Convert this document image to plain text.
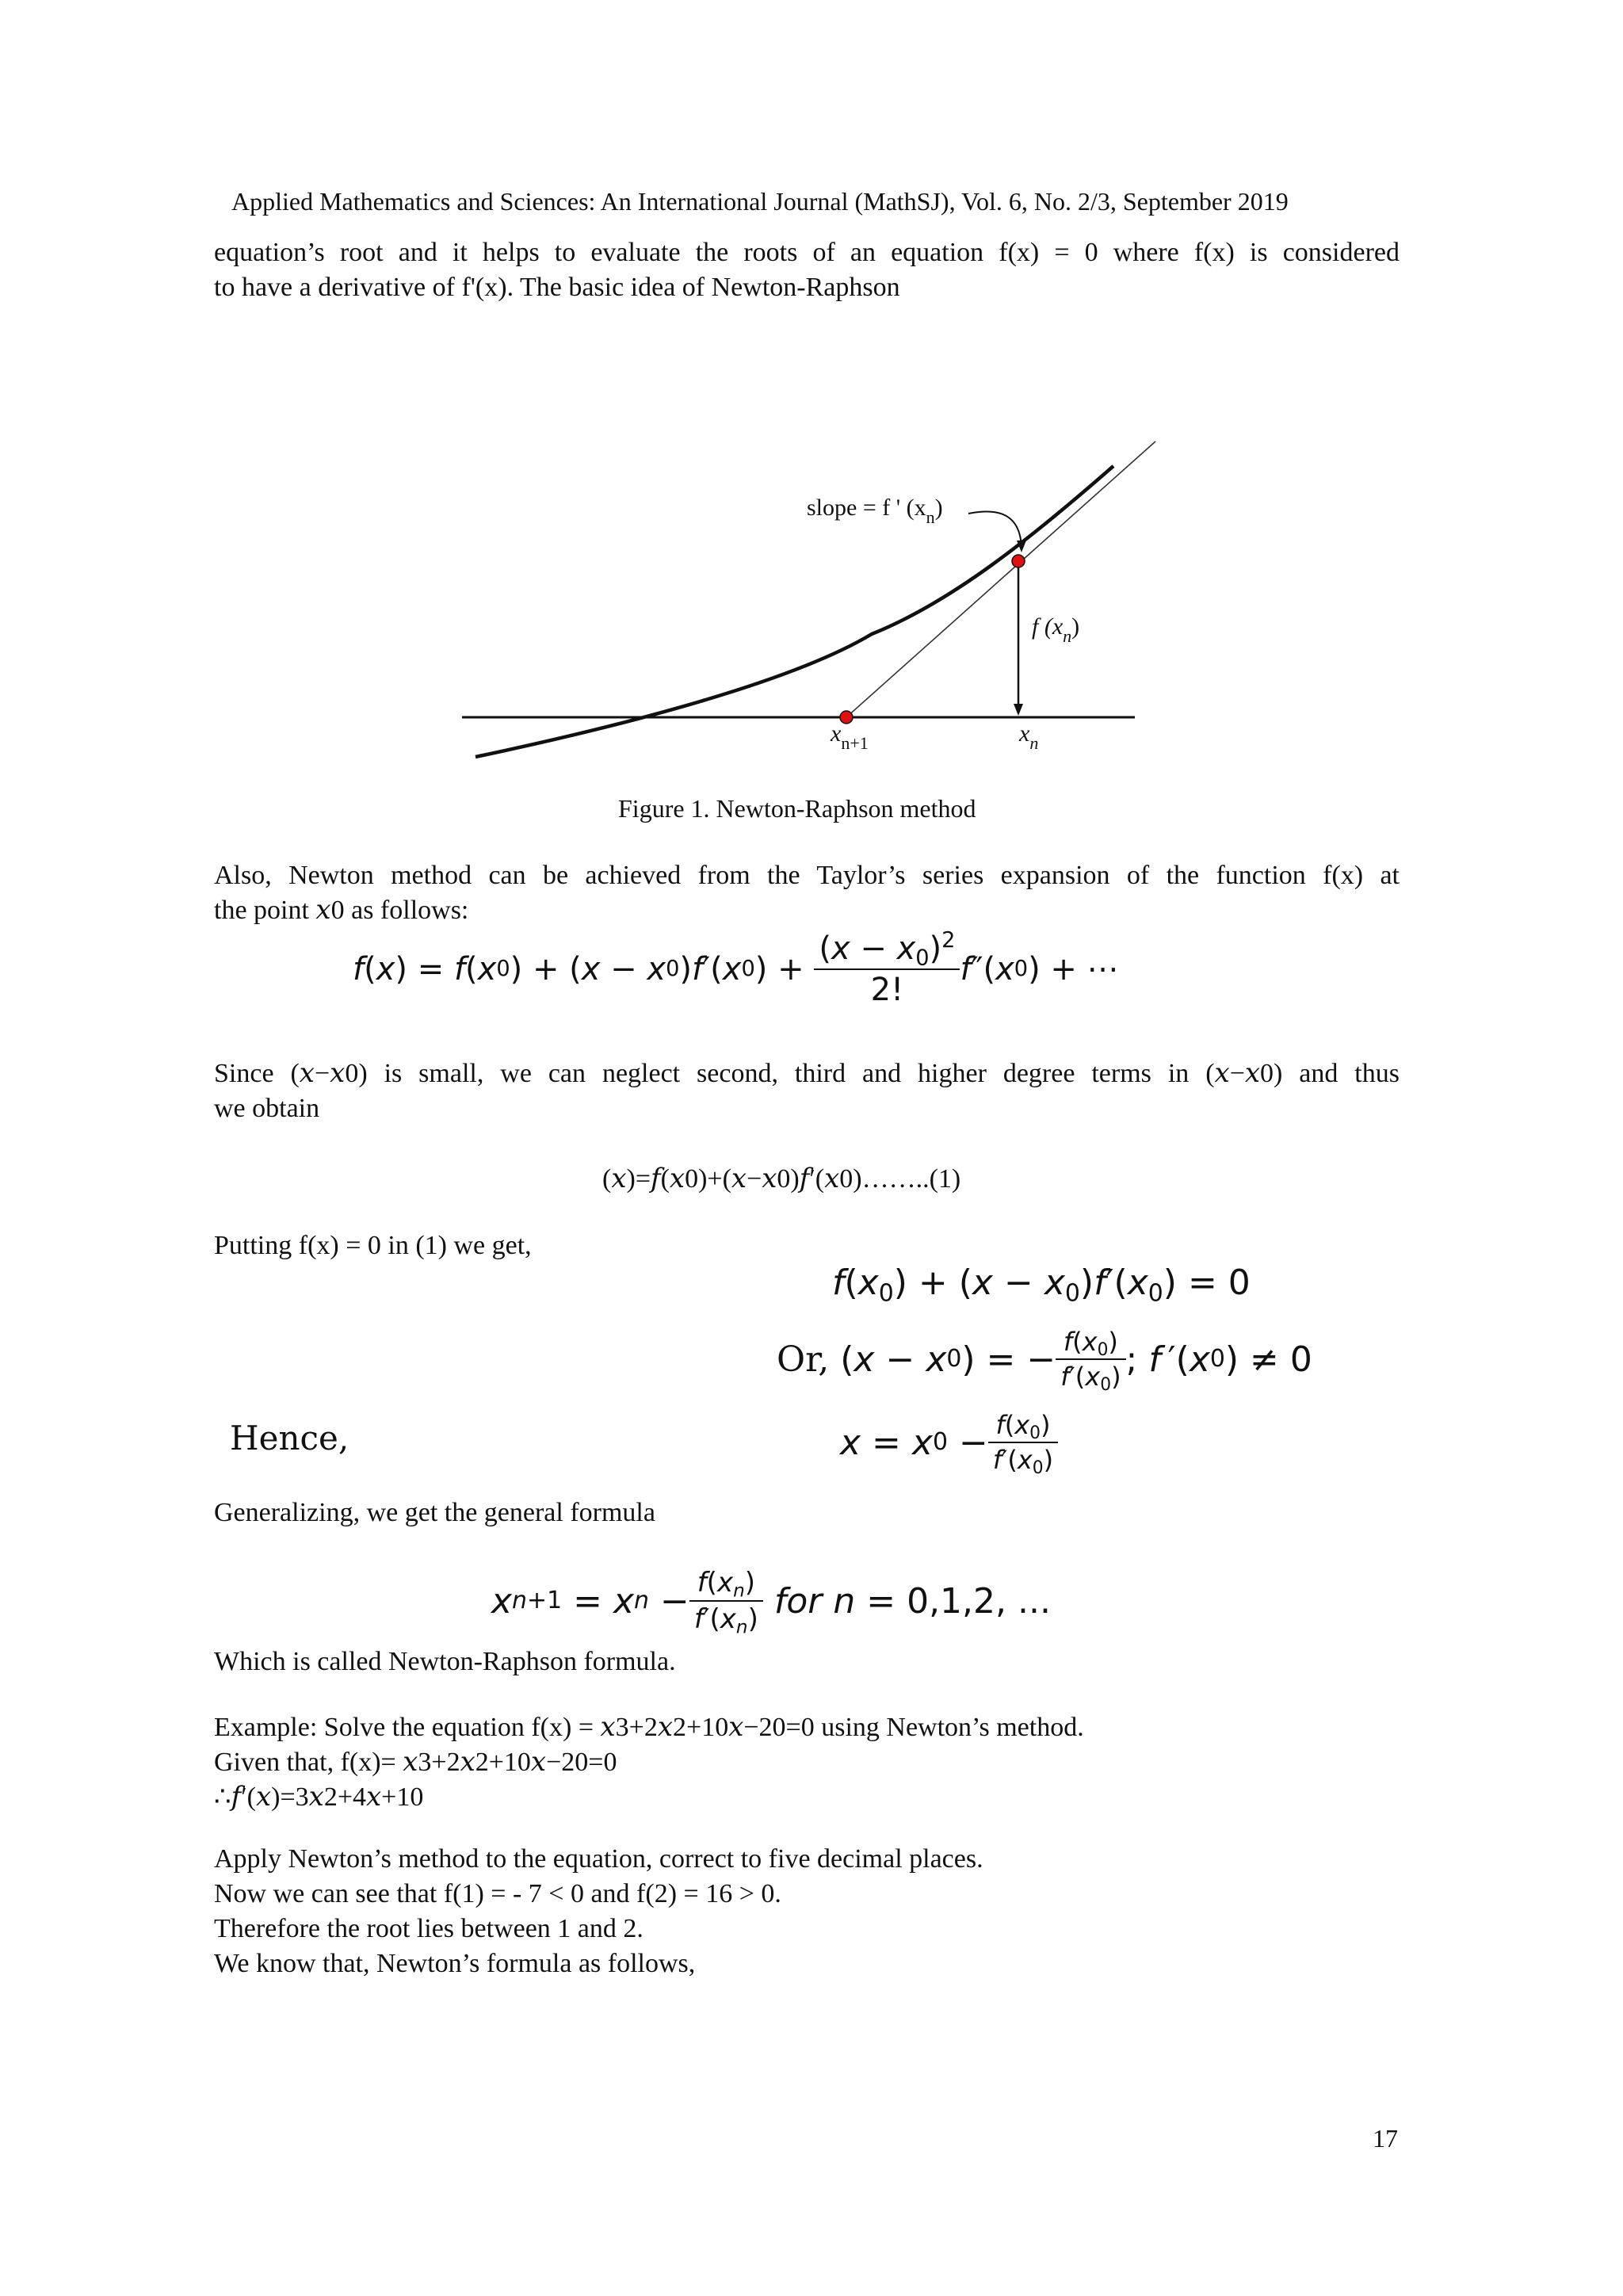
Applied Mathematics and Sciences: An International Journal (MathSJ), Vol. 6, No. 2/3, September 2019
equation’s root and it helps to evaluate the roots of an equation f(x) = 0 where f(x) is considered
to have a derivative of f'(x). The basic idea of Newton-Raphson
slope = f ' $(x_n)$
f $(x_n)$
$x_{n+1}$	$x_n$
Figure 1. Newton-Raphson method
Also, Newton method can be achieved from the Taylor’s series expansion of the function f(x) at
the point 𝑥0 as follows:
f ( x ) = f ( x 0 ) + ( x − x 0 ) f ′( x 0 ) + $\frac{(x - x_0)^2}{2!}$ f ″( x 0 ) + ⋯
Since (𝑥−𝑥0) is small, we can neglect second, third and higher degree terms in (𝑥−𝑥0) and thus
we obtain
(𝑥)=𝑓(𝑥0)+(𝑥−𝑥0)𝑓′(𝑥0)……..(1)
Putting f(x) = 0 in (1) we get,
$f(x_0) + (x - x_0)f'(x_0) = 0$
Or, ( x − x 0 ) = − $\frac{f(x_0)}{f'(x_0)}$ ; f  ′( x 0 ) ≠ 0
Hence,	x = x $0 - \frac{f(x_0)}{f'(x_0)}$
Generalizing, we get the general formula
x n+1 = x $n - \frac{f(x_n)}{f'(x_n)}$
for
n = 0,1,2, ...
Which is called Newton-Raphson formula.
Example: Solve the equation f(x) = 𝑥3+2𝑥2+10𝑥−20=0 using Newton’s method.
Given that, f(x)= 𝑥3+2𝑥2+10𝑥−20=0
∴𝑓′(𝑥)=3𝑥2+4𝑥+10
Apply Newton’s method to the equation, correct to five decimal places.
Now we can see that f(1) = - 7 < 0 and f(2) = 16 > 0.
Therefore the root lies between 1 and 2.
We know that, Newton’s formula as follows,
17
